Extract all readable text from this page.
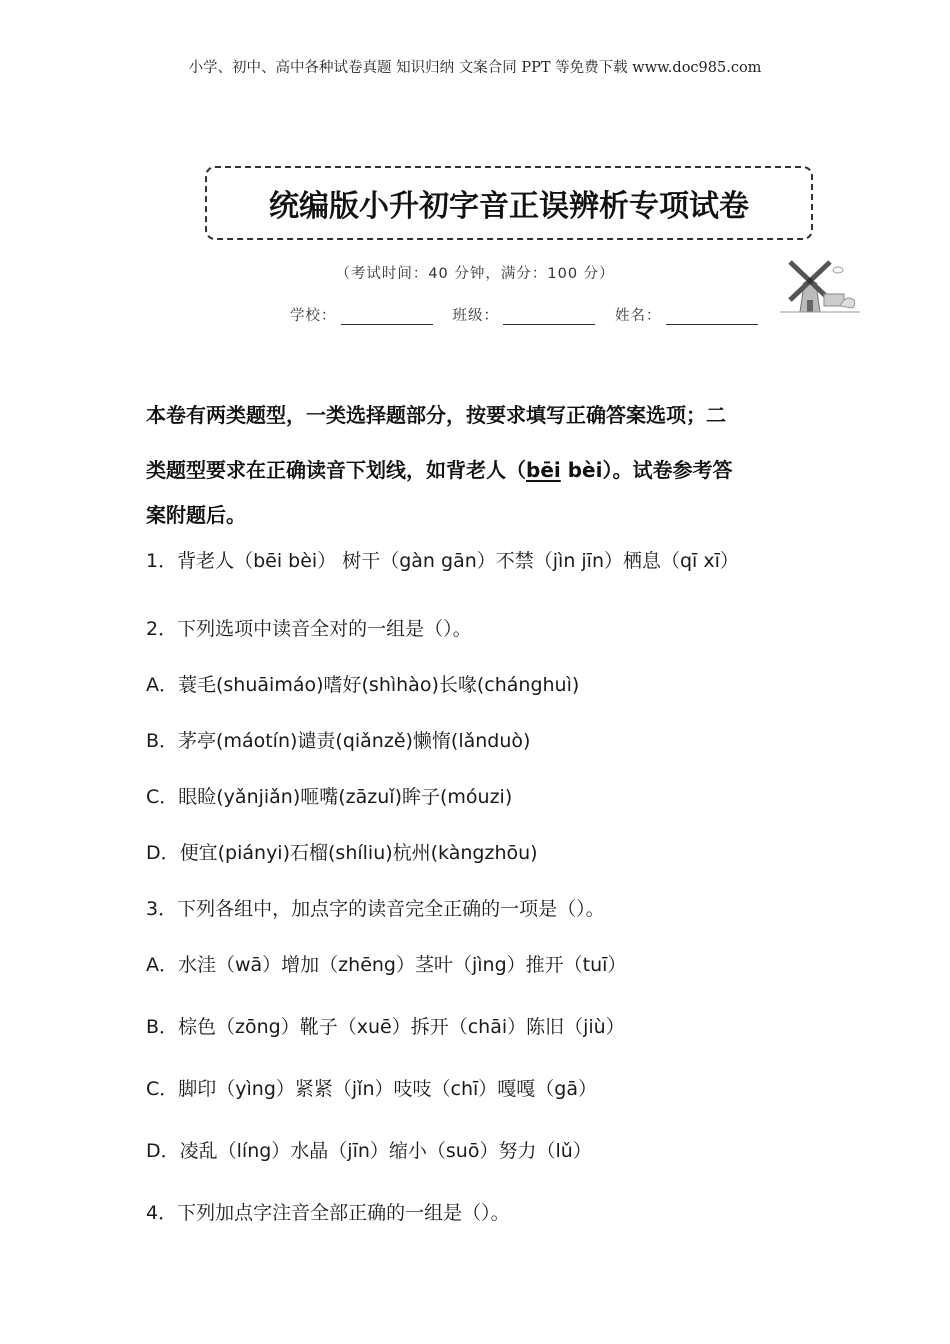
小学、初中、高中各种试卷真题 知识归纳 文案合同 PPT 等免费下载 www.doc985.com
统编版小升初字音正误辨析专项试卷
（考试时间：40 分钟，满分：100 分）
学校：	班级：	姓名：
本卷有两类题型，一类选择题部分，按要求填写正确答案选项；二
类题型要求在正确读音下划线，如背老人（bēi bèi）。试卷参考答
案附题后。
1．背老人（bēi bèi） 树干（gàn gān）不禁（jìn jīn）栖息（qī xī）
2．下列选项中读音全对的一组是（）。
A．蓑毛(shuāimáo)嗜好(shìhào)长喙(chánghuì)
B．茅亭(máotín)谴责(qiǎnzě)懒惰(lǎnduò)
C．眼睑(yǎnjiǎn)咂嘴(zāzuǐ)眸子(móuzi)
D．便宜(piányi)石榴(shíliu)杭州(kàngzhōu)
3．下列各组中，加点字的读音完全正确的一项是（）。
A．水洼（wā）增加（zhēng）茎叶（jìng）推开（tuī）
B．棕色（zōng）靴子（xuē）拆开（chāi）陈旧（jiù）
C．脚印（yìng）紧紧（jǐn）吱吱（chī）嘎嘎（gā）
D．凌乱（líng）水晶（jīn）缩小（suō）努力（lǔ）
4．下列加点字注音全部正确的一组是（）。
